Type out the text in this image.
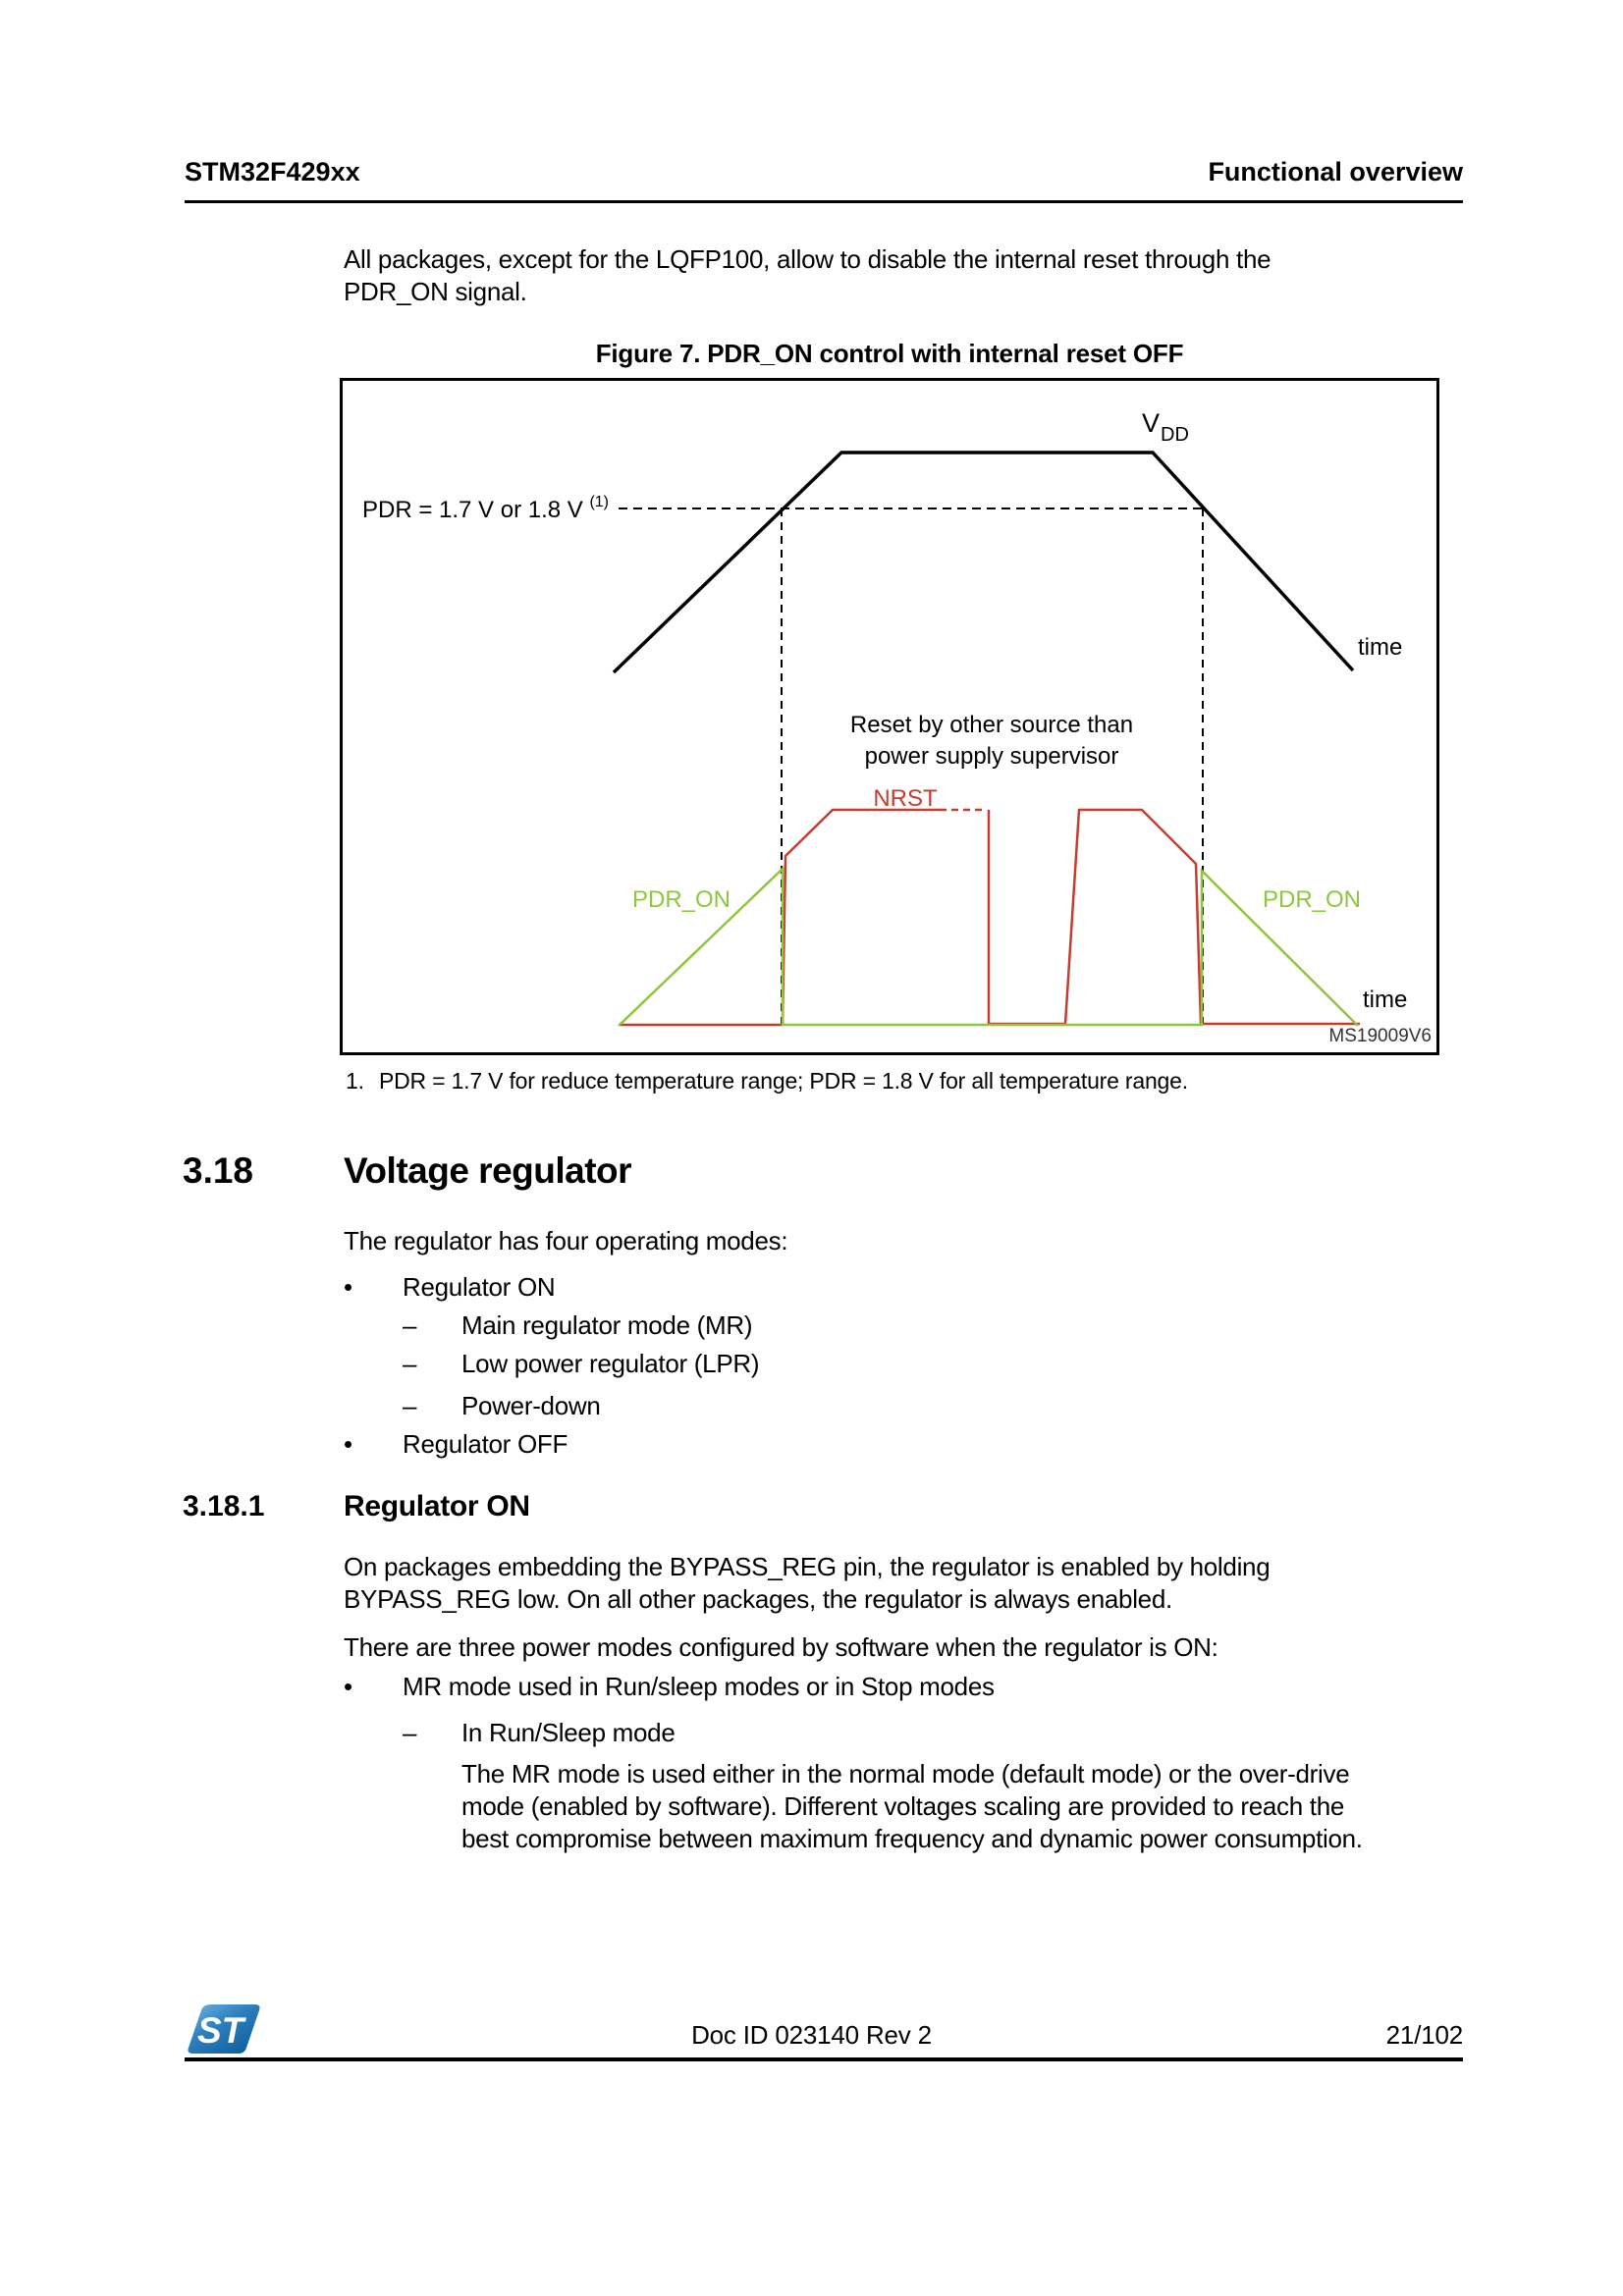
STM32F429xx	Functional overview
All packages, except for the LQFP100, allow to disable the internal reset through the
PDR_ON signal.
Figure 7. PDR_ON control with internal reset OFF
$V_{DD}$
PDR = 1.7 V or 1.8 V $^{(1)}$
Reset by other source than
power supply supervisor
NRST
PDR_ON	PDR_ON
time
time
MS19009V6
1. PDR = 1.7 V for reduce temperature range; PDR = 1.8 V for all temperature range.
3.18 Voltage regulator
The regulator has four operating modes:
•	Regulator ON
–	Main regulator mode (MR)
–	Low power regulator (LPR)
–	Power-down
•	Regulator OFF
3.18.1	Regulator ON
On packages embedding the BYPASS_REG pin, the regulator is enabled by holding
BYPASS_REG low. On all other packages, the regulator is always enabled.
There are three power modes configured by software when the regulator is ON:
•	MR mode used in Run/sleep modes or in Stop modes
–	In Run/Sleep mode
The MR mode is used either in the normal mode (default mode) or the over-drive
mode (enabled by software). Different voltages scaling are provided to reach the
best compromise between maximum frequency and dynamic power consumption.
ST	Doc ID 023140 Rev 2	21/102
